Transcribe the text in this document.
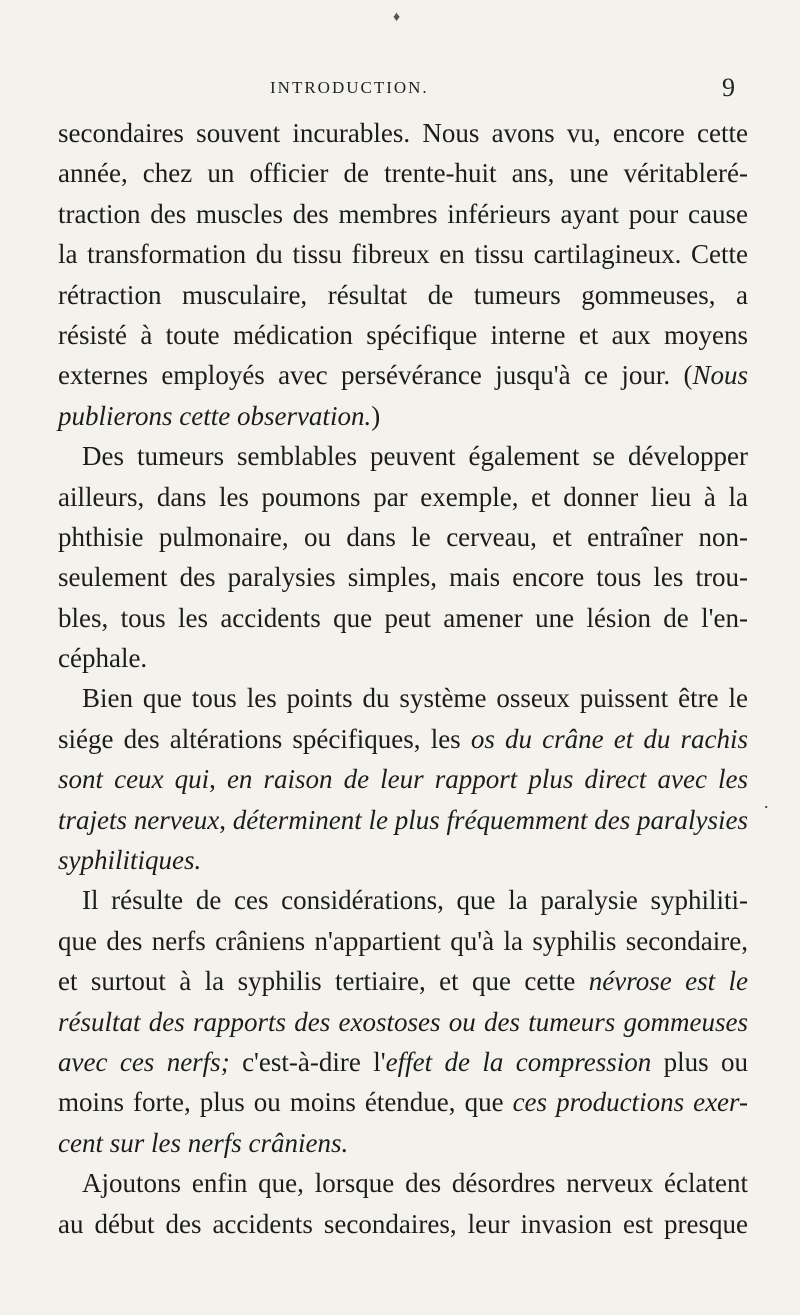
♦
INTRODUCTION.	9
secondaires souvent incurables. Nous avons vu, encore cette
année, chez un officier de trente-huit ans, une véritableré-
traction des muscles des membres inférieurs ayant pour cause
la transformation du tissu fibreux en tissu cartilagineux. Cette
rétraction musculaire, résultat de tumeurs gommeuses, a
résisté à toute médication spécifique interne et aux moyens
externes employés avec persévérance jusqu'à ce jour. (Nous
publierons cette observation.)
Des tumeurs semblables peuvent également se développer
ailleurs, dans les poumons par exemple, et donner lieu à la
phthisie pulmonaire, ou dans le cerveau, et entraîner non-
seulement des paralysies simples, mais encore tous les trou-
bles, tous les accidents que peut amener une lésion de l'en-
céphale.
Bien que tous les points du système osseux puissent être le
siége des altérations spécifiques, les os du crâne et du rachis
sont ceux qui, en raison de leur rapport plus direct avec les
trajets nerveux, déterminent le plus fréquemment des paralysies
syphilitiques.
Il résulte de ces considérations, que la paralysie syphiliti-
que des nerfs crâniens n'appartient qu'à la syphilis secondaire,
et surtout à la syphilis tertiaire, et que cette névrose est le
résultat des rapports des exostoses ou des tumeurs gommeuses
avec ces nerfs; c'est-à-dire l'effet de la compression plus ou
moins forte, plus ou moins étendue, que ces productions exer-
cent sur les nerfs crâniens.
Ajoutons enfin que, lorsque des désordres nerveux éclatent
au début des accidents secondaires, leur invasion est presque
.
